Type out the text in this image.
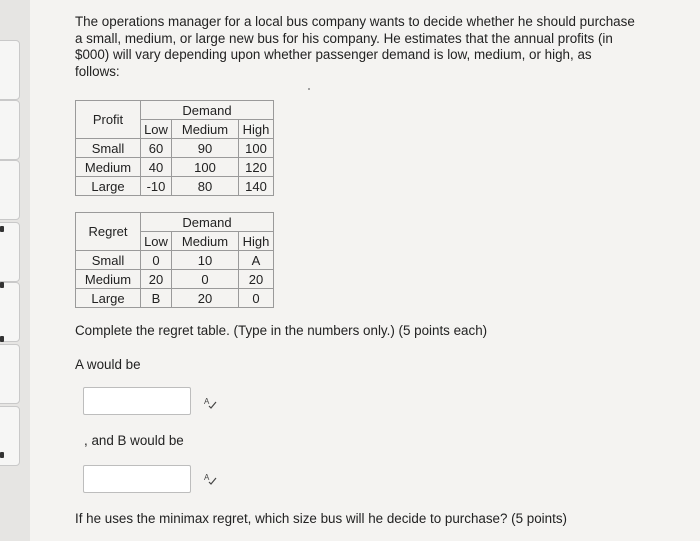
The operations manager for a local bus company wants to decide whether he should purchase a small, medium, or large new bus for his company. He estimates that the annual profits (in $000) will vary depending upon whether passenger demand is low, medium, or high, as follows:
Profit	Demand		
	Low	Medium	High
Small	60	90	100
Medium	40	100	120
Large	-10	80	140
Regret	Demand		
	Low	Medium	High
Small	0	10	A
Medium	20	0	20
Large	B	20	0
Complete the regret table. (Type in the numbers only.) (5 points each)
A would be
A
, and B would be
A
If he uses the minimax regret, which size bus will he decide to purchase? (5 points)
